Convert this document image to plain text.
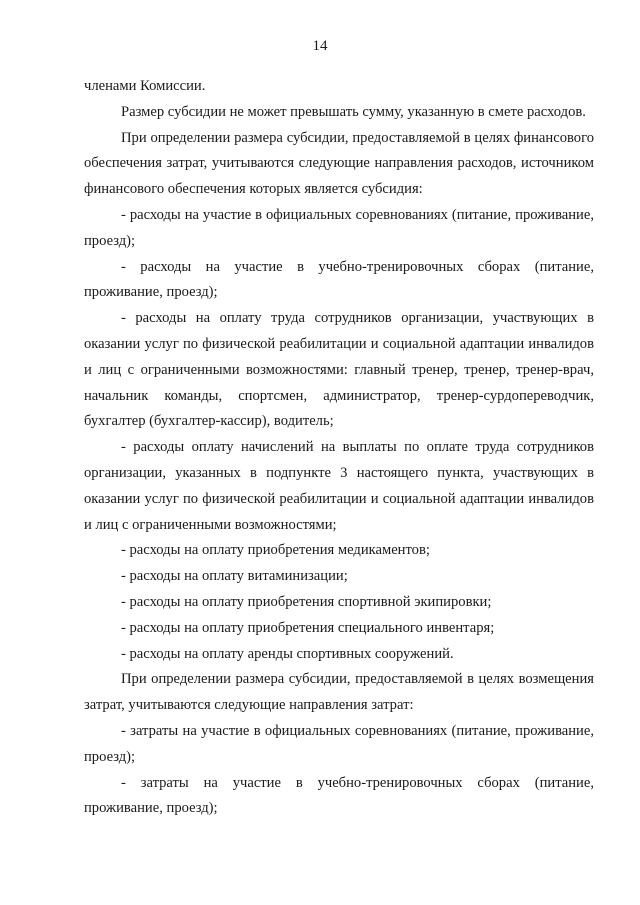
14

членами Комиссии.

Размер субсидии не может превышать сумму, указанную в смете расходов.

При определении размера субсидии, предоставляемой в целях финансового обеспечения затрат, учитываются следующие направления расходов, источником финансового обеспечения которых является субсидия:

- расходы на участие в официальных соревнованиях (питание, проживание, проезд);

- расходы на участие в учебно-тренировочных сборах (питание, проживание, проезд);

- расходы на оплату труда сотрудников организации, участвующих в оказании услуг по физической реабилитации и социальной адаптации инвалидов и лиц с ограниченными возможностями: главный тренер, тренер, тренер-врач, начальник команды, спортсмен, администратор, тренер-сурдопереводчик, бухгалтер (бухгалтер-кассир), водитель;

- расходы оплату начислений на выплаты по оплате труда сотрудников организации, указанных в подпункте 3 настоящего пункта, участвующих в оказании услуг по физической реабилитации и социальной адаптации инвалидов и лиц с ограниченными возможностями;

- расходы на оплату приобретения медикаментов;

- расходы на оплату витаминизации;

- расходы на оплату приобретения спортивной экипировки;

- расходы на оплату приобретения специального инвентаря;

- расходы на оплату аренды спортивных сооружений.

При определении размера субсидии, предоставляемой в целях возмещения затрат, учитываются следующие направления затрат:

- затраты на участие в официальных соревнованиях (питание, проживание, проезд);

- затраты на участие в учебно-тренировочных сборах (питание, проживание, проезд);
